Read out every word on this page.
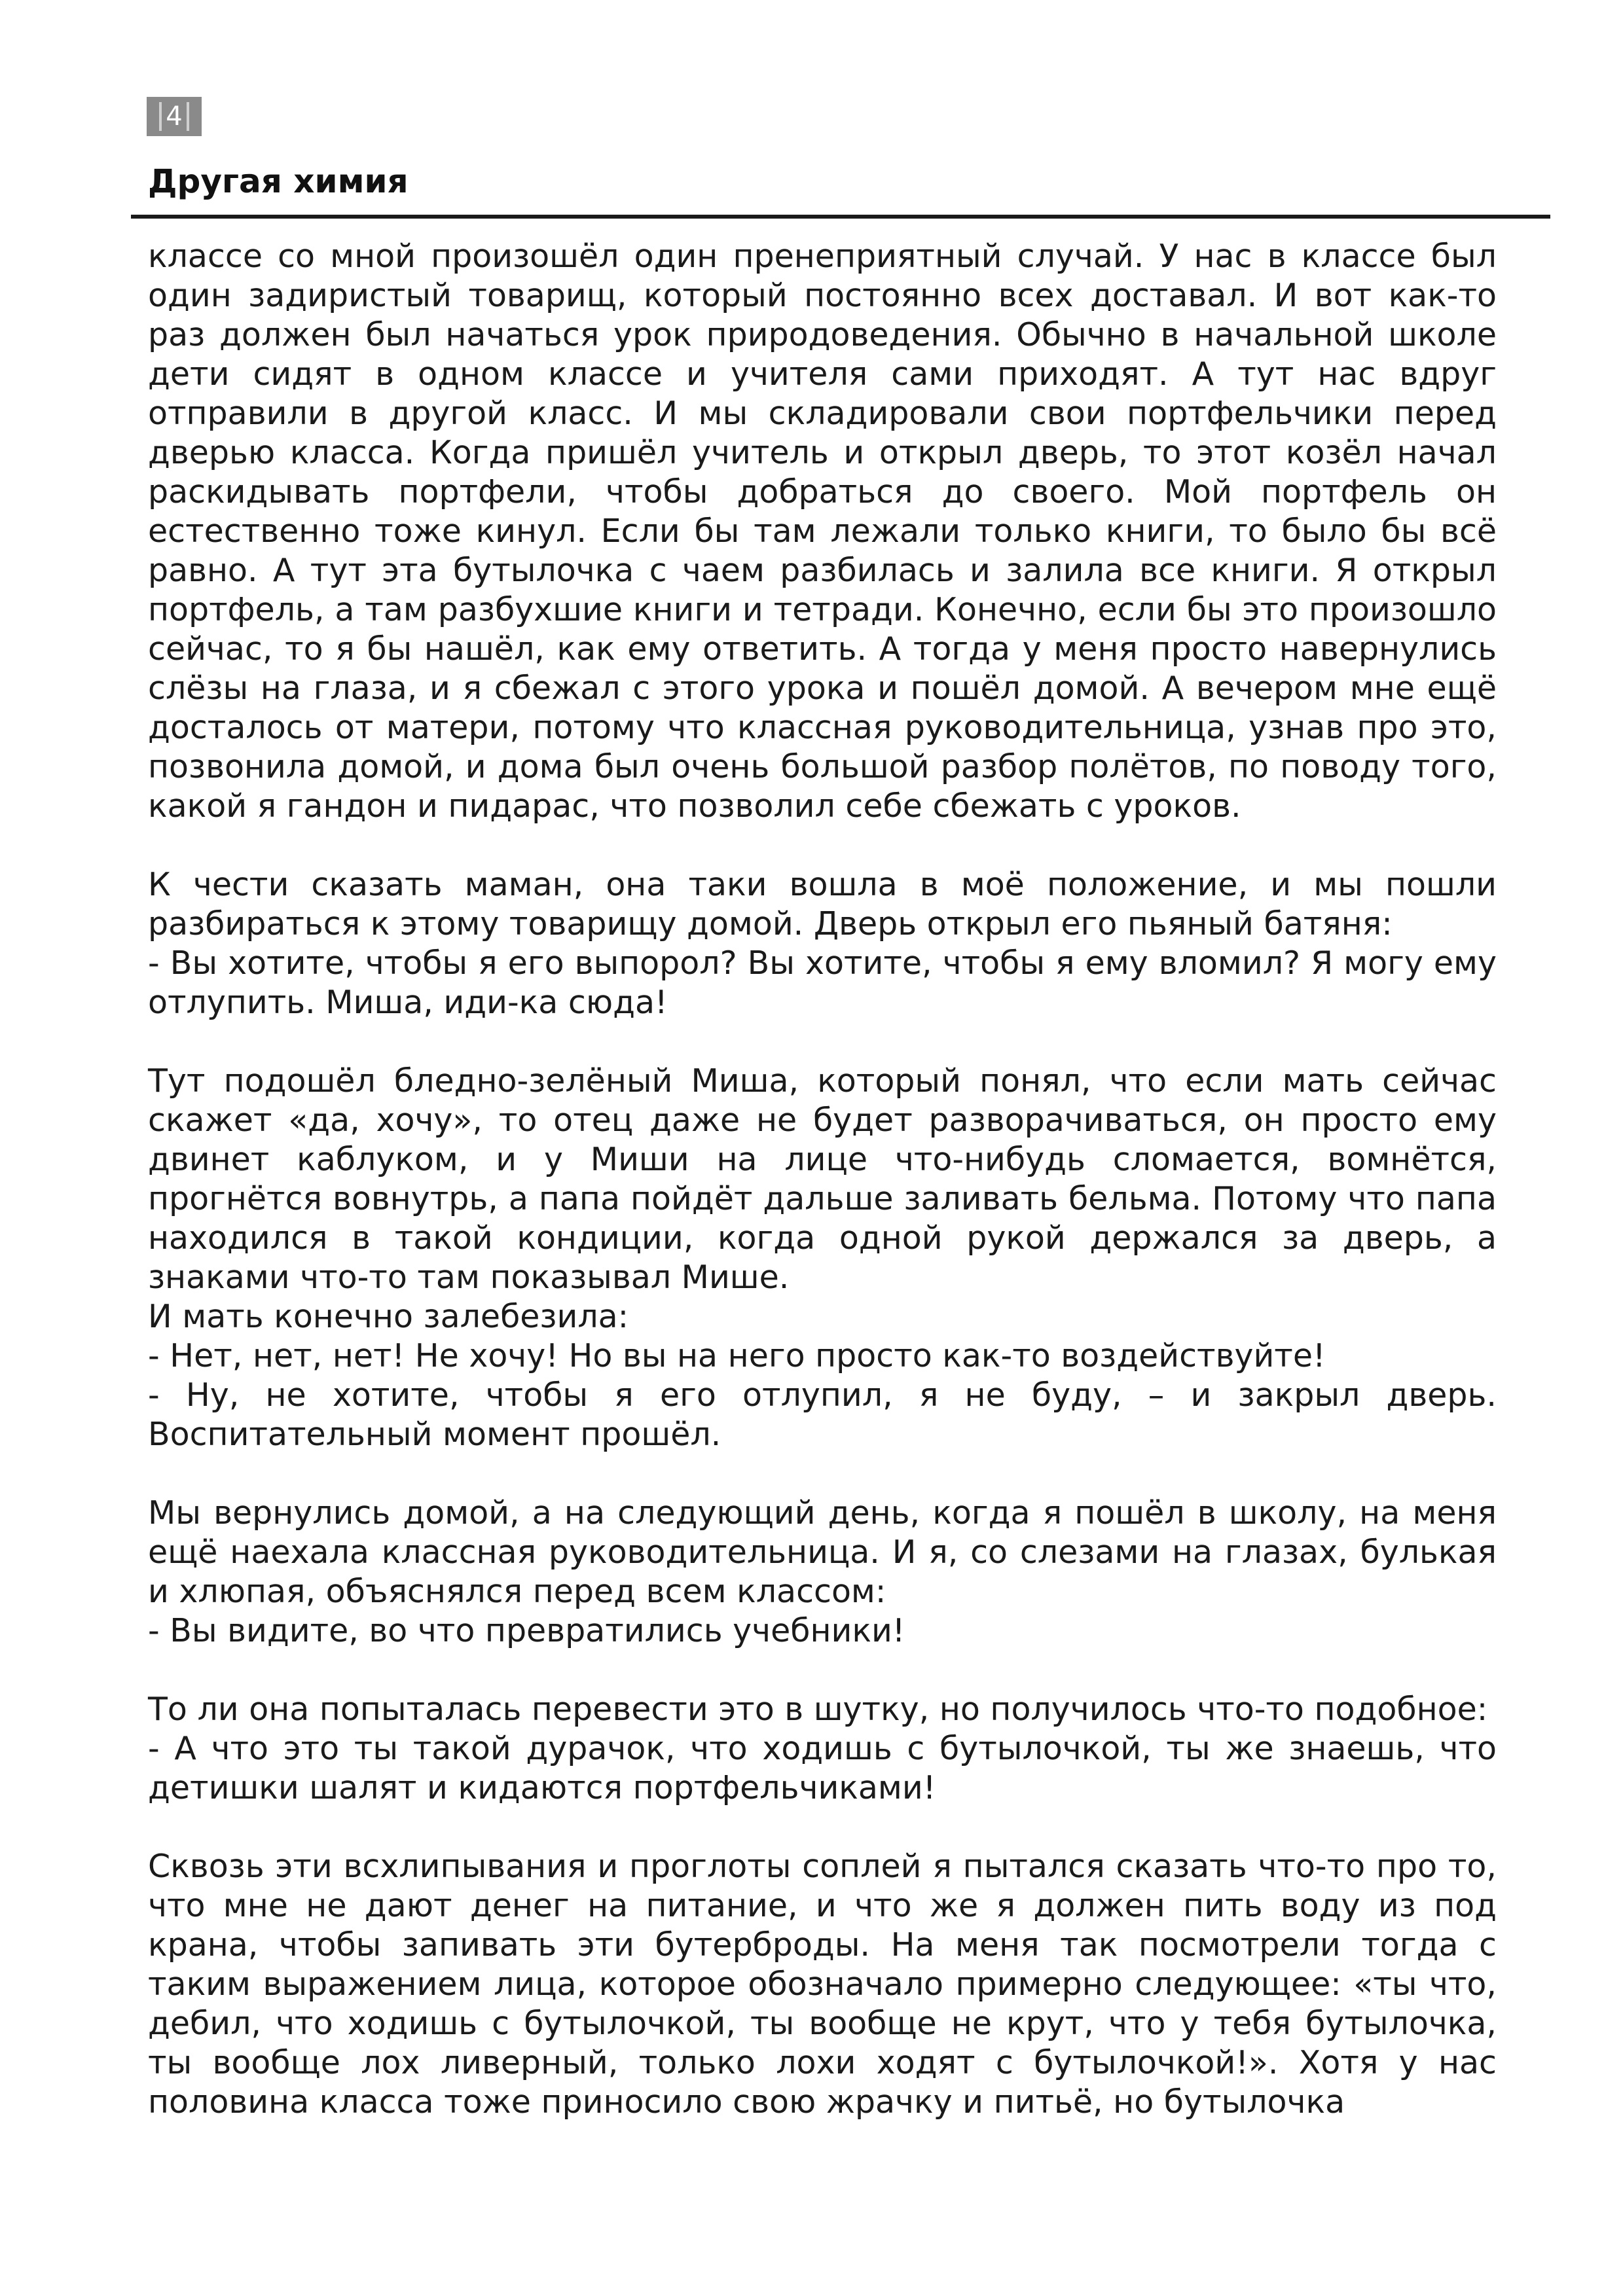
4
Другая химия

классе со мной произошёл один пренеприятный случай. У нас в классе был один задиристый товарищ, который постоянно всех доставал. И вот как-то раз должен был начаться урок природоведения. Обычно в начальной школе дети сидят в одном классе и учителя сами приходят. А тут нас вдруг отправили в другой класс. И мы складировали свои портфельчики перед дверью класса. Когда пришёл учитель и открыл дверь, то этот козёл начал раскидывать портфели, чтобы добраться до своего. Мой портфель он естественно тоже кинул. Если бы там лежали только книги, то было бы всё равно. А тут эта бутылочка с чаем разбилась и залила все книги. Я открыл портфель, а там разбухшие книги и тетради. Конечно, если бы это произошло сейчас, то я бы нашёл, как ему ответить. А тогда у меня просто навернулись слёзы на глаза, и я сбежал с этого урока и пошёл домой. А вечером мне ещё досталось от матери, потому что классная руководительница, узнав про это, позвонила домой, и дома был очень большой разбор полётов, по поводу того, какой я гандон и пидарас, что позволил себе сбежать с уроков.

К чести сказать маман, она таки вошла в моё положение, и мы пошли разбираться к этому товарищу домой. Дверь открыл его пьяный батяня:

- Вы хотите, чтобы я его выпорол? Вы хотите, чтобы я ему вломил? Я могу ему отлупить. Миша, иди-ка сюда!

Тут подошёл бледно-зелёный Миша, который понял, что если мать сейчас скажет «да, хочу», то отец даже не будет разворачиваться, он просто ему двинет каблуком, и у Миши на лице что-нибудь сломается, вомнётся, прогнётся вовнутрь, а папа пойдёт дальше заливать бельма. Потому что папа находился в такой кондиции, когда одной рукой держался за дверь, а знаками что-то там показывал Мише.

И мать конечно залебезила:

- Нет, нет, нет! Не хочу! Но вы на него просто как-то воздействуйте!

- Ну, не хотите, чтобы я его отлупил, я не буду, – и закрыл дверь. Воспитательный момент прошёл.

Мы вернулись домой, а на следующий день, когда я пошёл в школу, на меня ещё наехала классная руководительница. И я, со слезами на глазах, булькая и хлюпая, объяснялся перед всем классом:

- Вы видите, во что превратились учебники!

То ли она попыталась перевести это в шутку, но получилось что-то подобное:

- А что это ты такой дурачок, что ходишь с бутылочкой, ты же знаешь, что детишки шалят и кидаются портфельчиками!

Сквозь эти всхлипывания и проглоты соплей я пытался сказать что-то про то, что мне не дают денег на питание, и что же я должен пить воду из под крана, чтобы запивать эти бутерброды. На меня так посмотрели тогда с таким выражением лица, которое обозначало примерно следующее: «ты что, дебил, что ходишь с бутылочкой, ты вообще не крут, что у тебя бутылочка, ты вообще лох ливерный, только лохи ходят с бутылочкой!». Хотя у нас половина класса тоже приносило свою жрачку и питьё, но бутылочка
